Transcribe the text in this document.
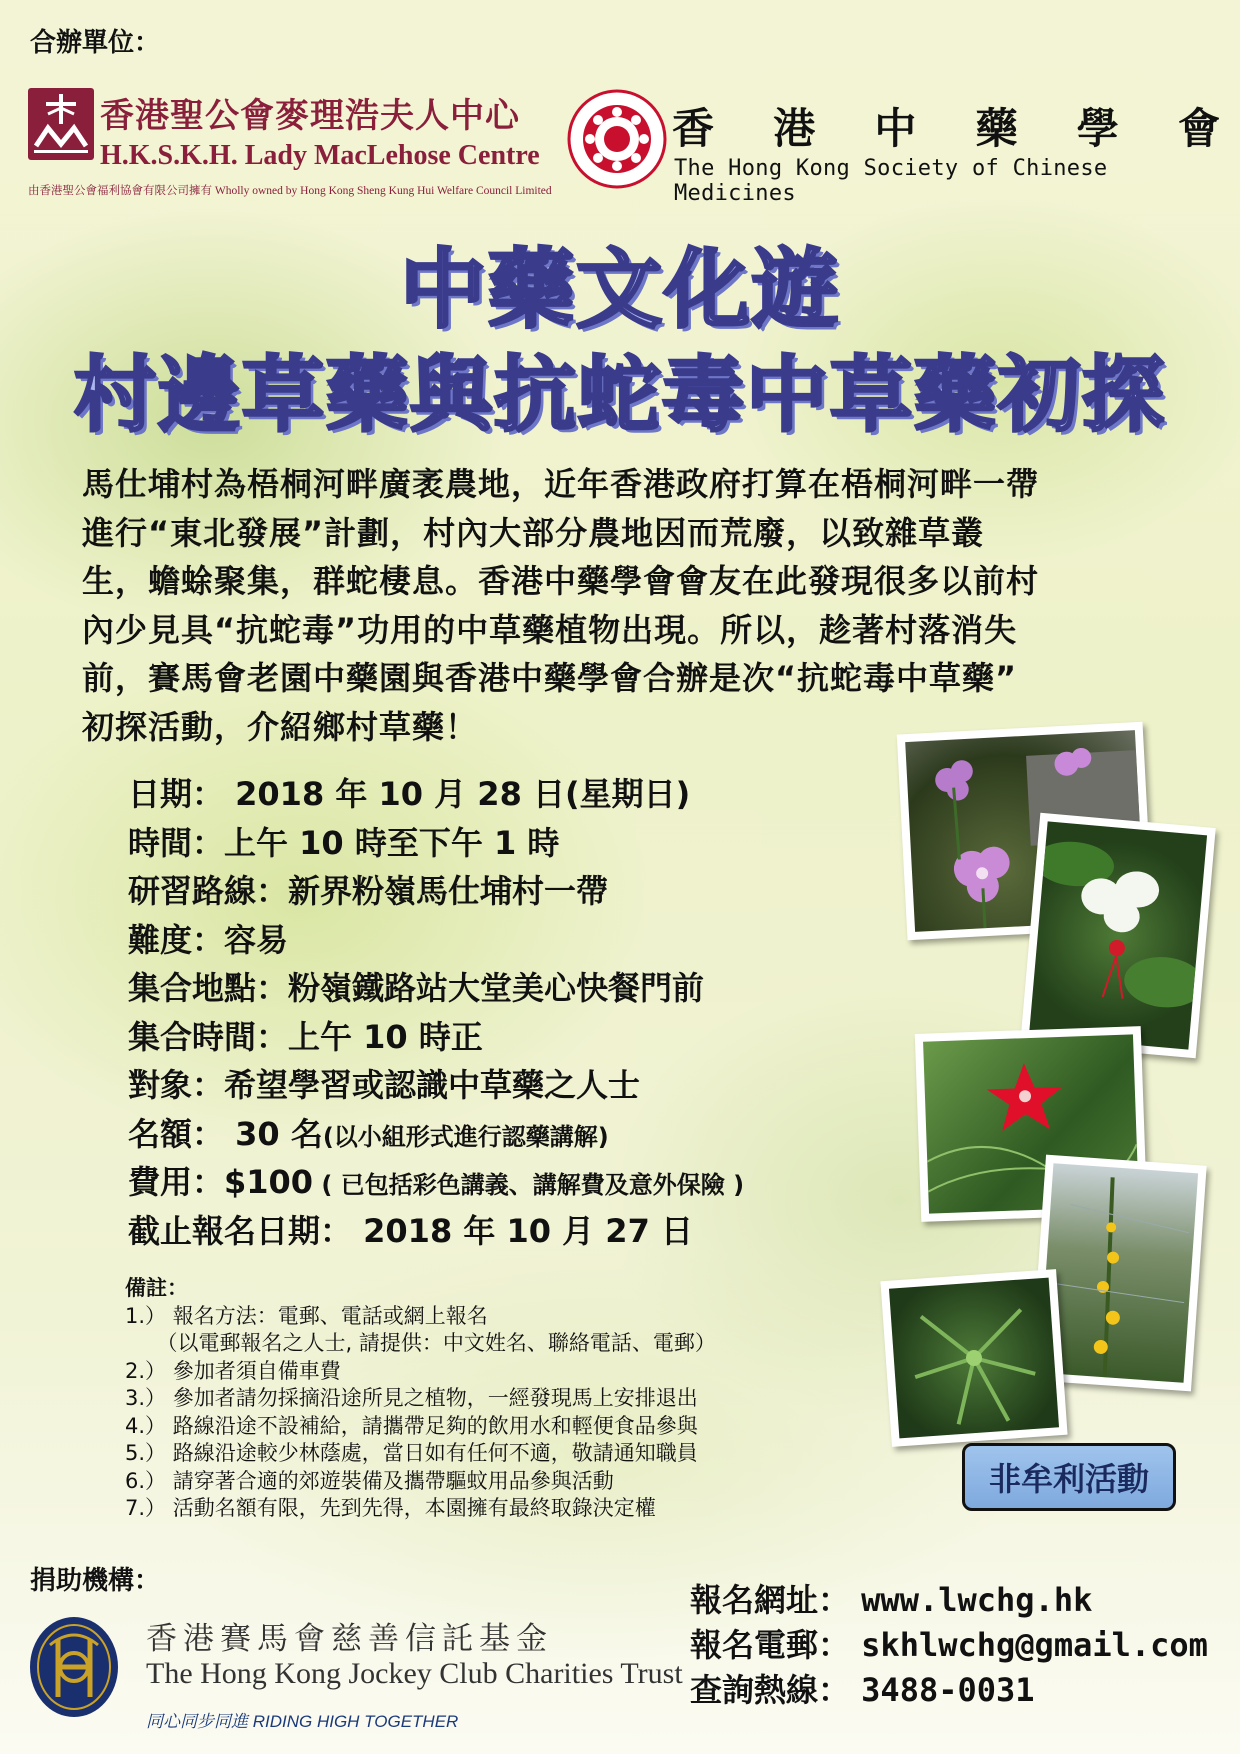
合辦單位：
香港聖公會麥理浩夫人中心
H.K.S.K.H. Lady MacLehose Centre
由香港聖公會福利協會有限公司擁有 Wholly owned by Hong Kong Sheng Kung Hui Welfare Council Limited
香 港 中 藥 學 會
The Hong Kong Society of Chinese Medicines
中藥文化遊
村邊草藥與抗蛇毒中草藥初探
馬仕埔村為梧桐河畔廣袤農地，近年香港政府打算在梧桐河畔一帶
進行“東北發展”計劃，村內大部分農地因而荒廢，以致雜草叢
生，蟾蜍聚集，群蛇棲息。香港中藥學會會友在此發現很多以前村
內少見具“抗蛇毒”功用的中草藥植物出現。所以，趁著村落消失
前，賽馬會老園中藥園與香港中藥學會合辦是次“抗蛇毒中草藥”
初探活動，介紹鄉村草藥！
日期： 2018 年 10 月 28 日(星期日)
時間：上午 10 時至下午 1 時
研習路線：新界粉嶺馬仕埔村一帶
難度：容易
集合地點：粉嶺鐵路站大堂美心快餐門前
集合時間：上午 10 時正
對象：希望學習或認識中草藥之人士
名額： 30 名(以小組形式進行認藥講解)
費用：$100 ( 已包括彩色講義、講解費及意外保險 )
截止報名日期： 2018 年 10 月 27 日
備註：
1.） 報名方法：電郵、電話或網上報名
　　（以電郵報名之人士, 請提供：中文姓名、聯絡電話、電郵）
2.） 參加者須自備車費
3.） 參加者請勿採摘沿途所見之植物，一經發現馬上安排退出
4.） 路線沿途不設補給，請攜帶足夠的飲用水和輕便食品參與
5.） 路線沿途較少林蔭處，當日如有任何不適，敬請通知職員
6.） 請穿著合適的郊遊裝備及攜帶驅蚊用品參與活動
7.） 活動名額有限，先到先得，本園擁有最終取錄決定權
非牟利活動
捐助機構：
香港賽馬會慈善信託基金
The Hong Kong Jockey Club Charities Trust
同心同步同進 RIDING HIGH TOGETHER
報名網址： www.lwchg.hk
報名電郵： skhlwchg@gmail.com
查詢熱線： 3488-0031
